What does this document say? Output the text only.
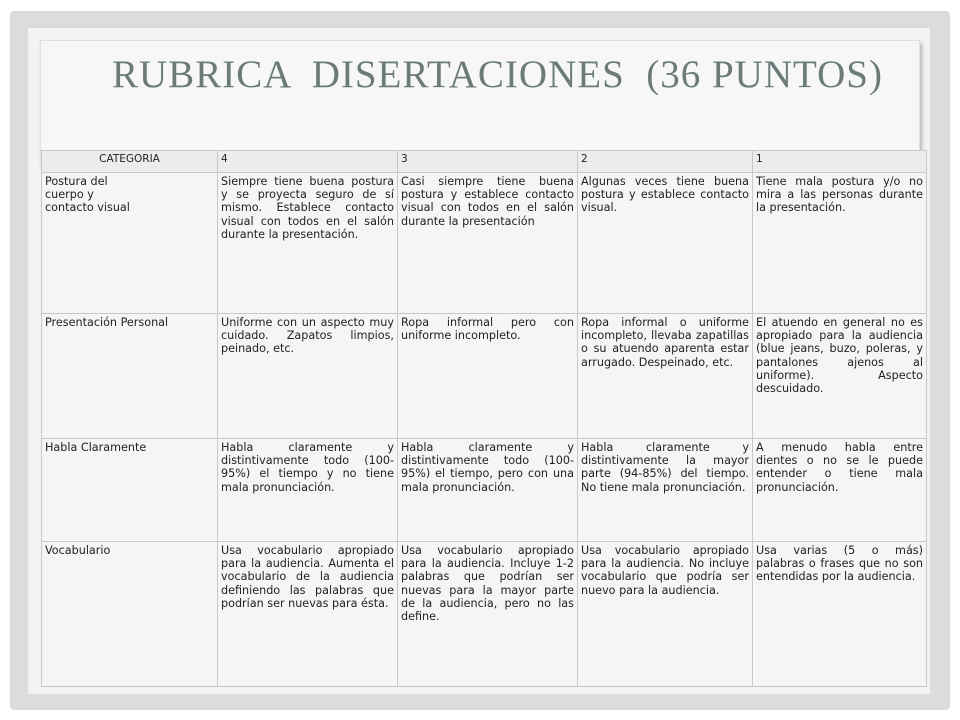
RUBRICA  DISERTACIONES  (36 PUNTOS)
CATEGORIA	4	3	2	1
Postura del
cuerpo y
contacto visual	Siempre tiene buena postura y se proyecta seguro de sí mismo. Establece contacto visual con todos en el salón durante la presentación.	Casi siempre tiene buena postura y establece contacto visual con todos en el salón durante la presentación	Algunas veces tiene buena postura y establece contacto visual.	Tiene mala postura y/o no mira a las personas durante la presentación.
Presentación Personal	Uniforme con un aspecto muy cuidado. Zapatos limpios, peinado, etc.	Ropa informal pero con uniforme incompleto.	Ropa informal o uniforme incompleto, llevaba zapatillas o su atuendo aparenta estar arrugado. Despeinado, etc.	El atuendo en general no es apropiado para la audiencia (blue jeans, buzo, poleras, y pantalones ajenos al uniforme). Aspecto descuidado.
Habla Claramente	Habla claramente y distintivamente todo (100-95%) el tiempo y no tiene mala pronunciación.	Habla claramente y distintivamente todo (100-95%) el tiempo, pero con una mala pronunciación.	Habla claramente y distintivamente la mayor parte (94-85%) del tiempo. No tiene mala pronunciación.	A menudo habla entre dientes o no se le puede entender o tiene mala pronunciación.
Vocabulario	Usa vocabulario apropiado para la audiencia. Aumenta el vocabulario de la audiencia definiendo las palabras que podrían ser nuevas para ésta.	Usa vocabulario apropiado para la audiencia. Incluye 1-2 palabras que podrían ser nuevas para la mayor parte de la audiencia, pero no las define.	Usa vocabulario apropiado para la audiencia. No incluye vocabulario que podría ser nuevo para la audiencia.	Usa varias (5 o más) palabras o frases que no son entendidas por la audiencia.
